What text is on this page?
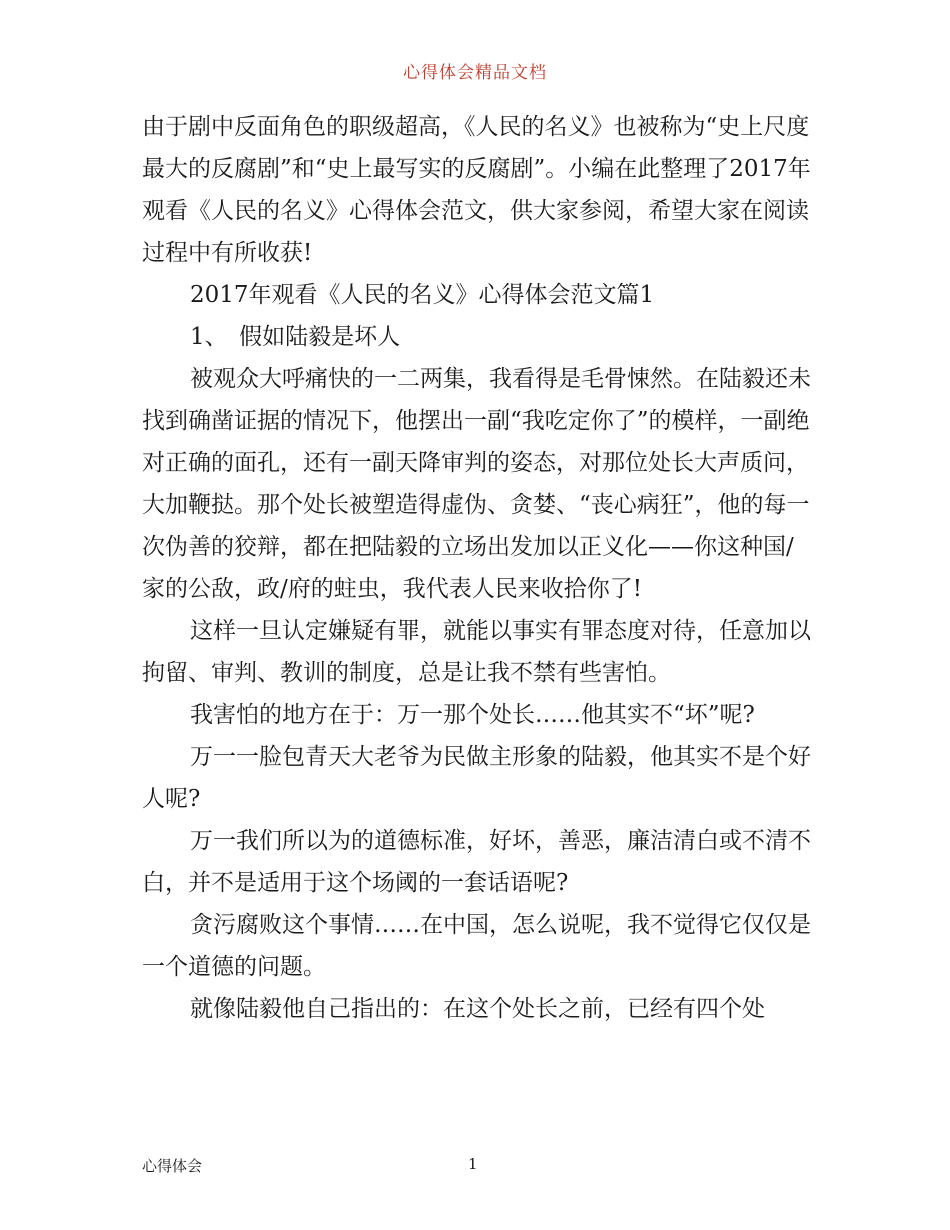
心得体会精品文档

由于剧中反面角色的职级超高，《人民的名义》也被称为“史上尺度最大的反腐剧”和“史上最写实的反腐剧”。小编在此整理了2017年观看《人民的名义》心得体会范文，供大家参阅，希望大家在阅读过程中有所收获!

2017年观看《人民的名义》心得体会范文篇1

1、　假如陆毅是坏人

被观众大呼痛快的一二两集，我看得是毛骨悚然。在陆毅还未找到确凿证据的情况下，他摆出一副“我吃定你了”的模样，一副绝对正确的面孔，还有一副天降审判的姿态，对那位处长大声质问，大加鞭挞。那个处长被塑造得虚伪、贪婪、“丧心病狂”，他的每一次伪善的狡辩，都在把陆毅的立场出发加以正义化——你这种国/家的公敌，政/府的蛀虫，我代表人民来收拾你了!

这样一旦认定嫌疑有罪，就能以事实有罪态度对待，任意加以拘留、审判、教训的制度，总是让我不禁有些害怕。

我害怕的地方在于：万一那个处长……他其实不“坏”呢?

万一一脸包青天大老爷为民做主形象的陆毅，他其实不是个好人呢?

万一我们所以为的道德标准，好坏，善恶，廉洁清白或不清不白，并不是适用于这个场阈的一套话语呢?

贪污腐败这个事情……在中国，怎么说呢，我不觉得它仅仅是一个道德的问题。

就像陆毅他自己指出的：在这个处长之前，已经有四个处

心得体会	1
